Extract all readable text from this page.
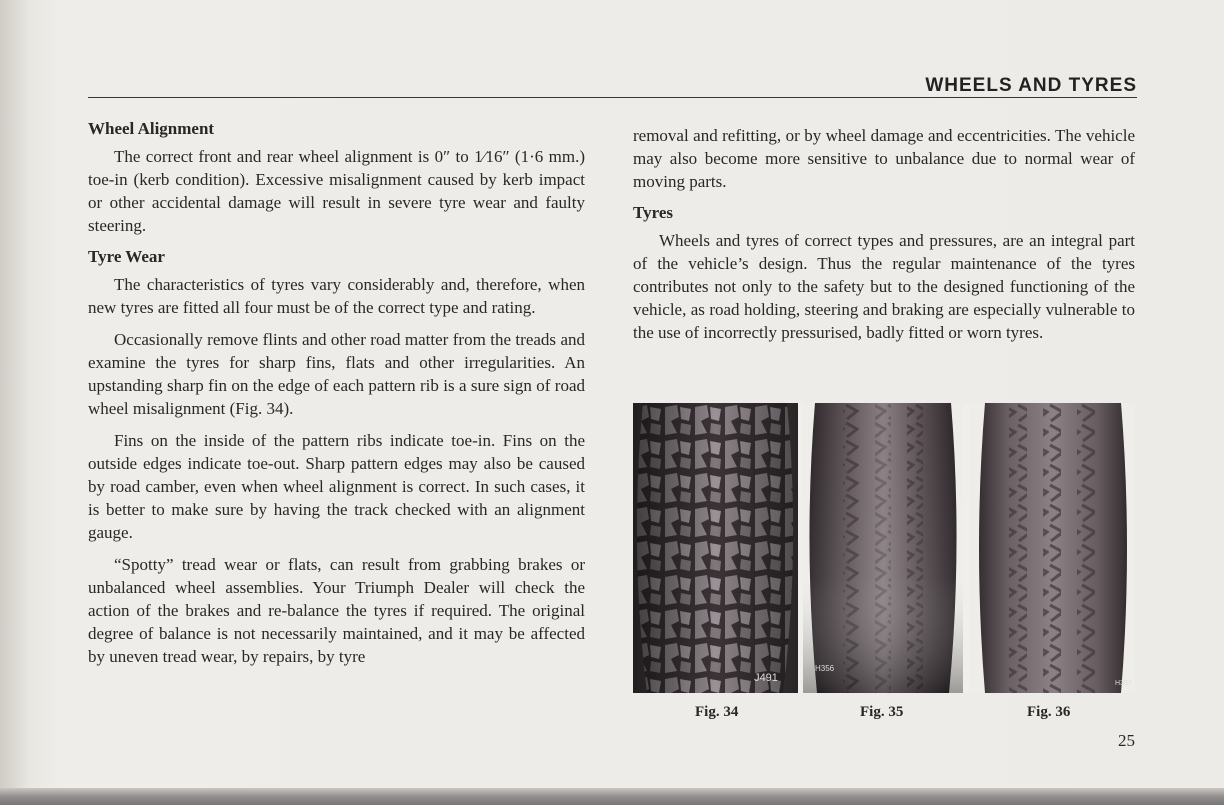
WHEELS AND TYRES
Wheel Alignment

The correct front and rear wheel alignment is 0″ to 1⁄16″ (1·6 mm.) toe-in (kerb condition). Excessive misalignment caused by kerb impact or other accidental damage will result in severe tyre wear and faulty steering.

Tyre Wear

The characteristics of tyres vary considerably and, therefore, when new tyres are fitted all four must be of the correct type and rating.

Occasionally remove flints and other road matter from the treads and examine the tyres for sharp fins, flats and other irregularities. An upstanding sharp fin on the edge of each pattern rib is a sure sign of road wheel misalignment (Fig. 34).

Fins on the inside of the pattern ribs indicate toe-in. Fins on the outside edges indicate toe-out. Sharp pattern edges may also be caused by road camber, even when wheel alignment is correct. In such cases, it is better to make sure by having the track checked with an alignment gauge.

“Spotty” tread wear or flats, can result from grabbing brakes or unbalanced wheel assemblies. Your Triumph Dealer will check the action of the brakes and re-balance the tyres if required. The original degree of balance is not necessarily maintained, and it may be affected by uneven tread wear, by repairs, by tyre

removal and refitting, or by wheel damage and eccentricities. The vehicle may also become more sensitive to unbalance due to normal wear of moving parts.

Tyres

Wheels and tyres of correct types and pressures, are an integral part of the vehicle’s design. Thus the regular maintenance of the tyres contributes not only to the safety but to the designed functioning of the vehicle, as road holding, steering and braking are especially vulnerable to the use of incorrectly pressurised, badly fitted or worn tyres.

J491
H356
H357
Fig. 34	Fig. 35	Fig. 36
25
